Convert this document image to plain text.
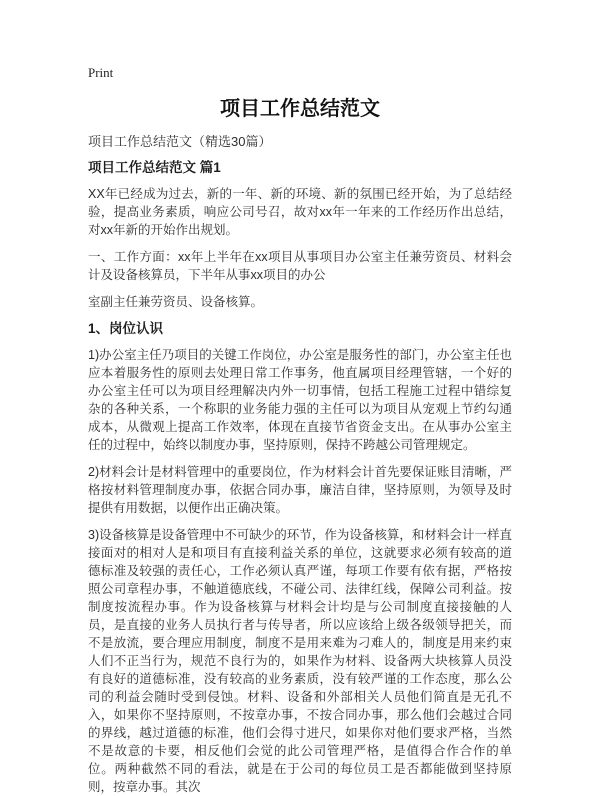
Print
项目工作总结范文

项目工作总结范文（精选30篇）

项目工作总结范文 篇1

XX年已经成为过去，新的一年、新的环境、新的氛围已经开始，为了总结经验，提高业务素质，响应公司号召，故对xx年一年来的工作经历作出总结，对xx年新的开始作出规划。

一、工作方面：xx年上半年在xx项目从事项目办公室主任兼劳资员、材料会计及设备核算员，下半年从事xx项目的办公

室副主任兼劳资员、设备核算。

1、岗位认识

1)办公室主任乃项目的关键工作岗位，办公室是服务性的部门，办公室主任也应本着服务性的原则去处理日常工作事务，他直属项目经理管辖，一个好的办公室主任可以为项目经理解决内外一切事情，包括工程施工过程中错综复杂的各种关系，一个称职的业务能力强的主任可以为项目从宠观上节约勾通成本，从微观上提高工作效率，体现在直接节省资金支出。在从事办公室主任的过程中，始终以制度办事，坚持原则，保持不跨越公司管理规定。

2)材料会计是材料管理中的重要岗位，作为材料会计首先要保证账目清晰，严格按材料管理制度办事，依据合同办事，廉洁自律，坚持原则，为领导及时提供有用数据，以便作出正确决策。

3)设备核算是设备管理中不可缺少的环节，作为设备核算，和材料会计一样直接面对的相对人是和项目有直接利益关系的单位，这就要求必须有较高的道德标准及较强的责任心，工作必须认真严谨，每项工作要有依有据，严格按照公司章程办事，不触道德底线，不碰公司、法律红线，保障公司利益。按制度按流程办事。作为设备核算与材料会计均是与公司制度直接接触的人员，是直接的业务人员执行者与传导者，所以应该给上级各级领导把关，而不是放流，要合理应用制度，制度不是用来难为刁难人的，制度是用来约束人们不正当行为，规范不良行为的，如果作为材料、设备两大块核算人员没有良好的道德标准，没有较高的业务素质，没有较严谨的工作态度，那么公司的利益会随时受到侵蚀。材料、设备和外部相关人员他们简直是无孔不入，如果你不坚持原则，不按章办事，不按合同办事，那么他们会越过合同的界线，越过道德的标准，他们会得寸进尺，如果你对他们要求严格，当然不是故意的卡要，相反他们会觉的此公司管理严格，是值得合作合作的单位。两种截然不同的看法，就是在于公司的每位员工是否都能做到坚持原则，按章办事。其次
